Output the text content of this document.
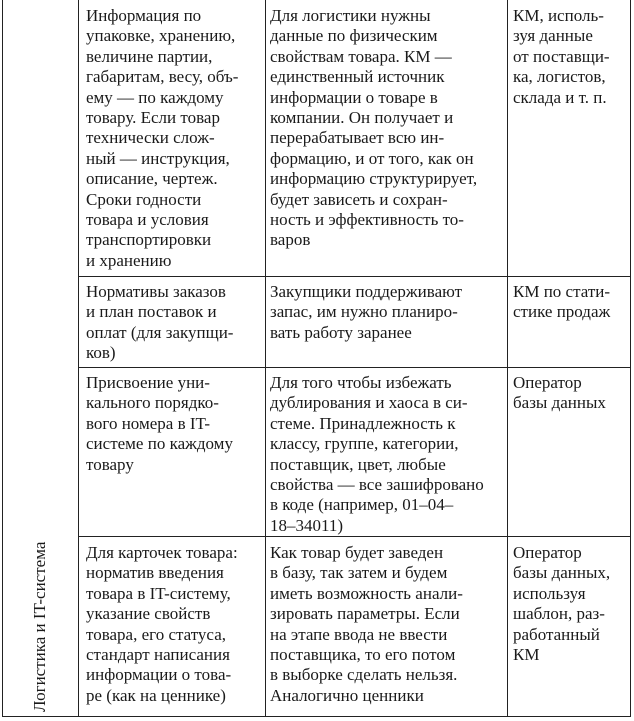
Логистика и IT-система
Информация по
упаковке, хранению,
величине партии,
габаритам, весу, объ-
ему — по каждому
товару. Если товар
технически слож-
ный — инструкция,
описание, чертеж.
Сроки годности
товара и условия
транспортировки
и хранению
Для логистики нужны
данные по физическим
свойствам товара. КМ —
единственный источник
информации о товаре в
компании. Он получает и
перерабатывает всю ин-
формацию, и от того, как он
информацию структурирует,
будет зависеть и сохран-
ность и эффективность то-
варов
КМ, исполь-
зуя данные
от поставщи-
ка, логистов,
склада и т. п.
Нормативы заказов
и план поставок и
оплат (для закупщи-
ков)
Закупщики поддерживают
запас, им нужно планиро-
вать работу заранее
КМ по стати-
стике продаж
Присвоение уни-
кального порядко-
вого номера в IT-
системе по каждому
товару
Для того чтобы избежать
дублирования и хаоса в си-
стеме. Принадлежность к
классу, группе, категории,
поставщик, цвет, любые
свойства — все зашифровано
в коде (например, 01–04–
18–34011)
Оператор
базы данных
Для карточек товара:
норматив введения
товара в IT-систему,
указание свойств
товара, его статуса,
стандарт написания
информации о това-
ре (как на ценнике)
Как товар будет заведен
в базу, так затем и будем
иметь возможность анали-
зировать параметры. Если
на этапе ввода не ввести
поставщика, то его потом
в выборке сделать нельзя.
Аналогично ценники
Оператор
базы данных,
используя
шаблон, раз-
работанный
КМ
